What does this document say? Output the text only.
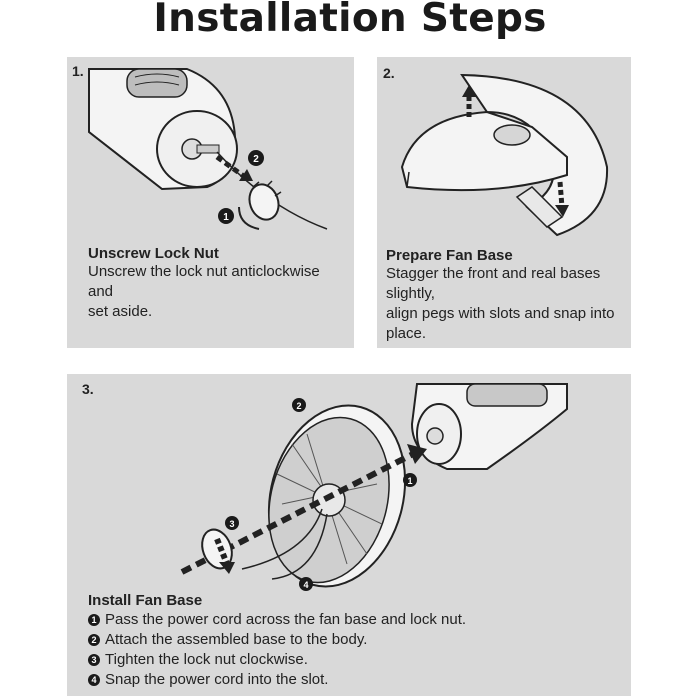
Installation Steps
1.
1
2
Unscrew Lock Nut

Unscrew the lock nut anticlockwise
and
set aside.

2.
Prepare Fan Base

Stagger the front and real bases
slightly,
align pegs with slots and snap into
place.

3.
1
2
3
4
Install Fan Base
1 Pass the power cord across the fan base and lock nut.
2 Attach the assembled base to the body.
3 Tighten the lock nut clockwise.
4 Snap the power cord into the slot.
